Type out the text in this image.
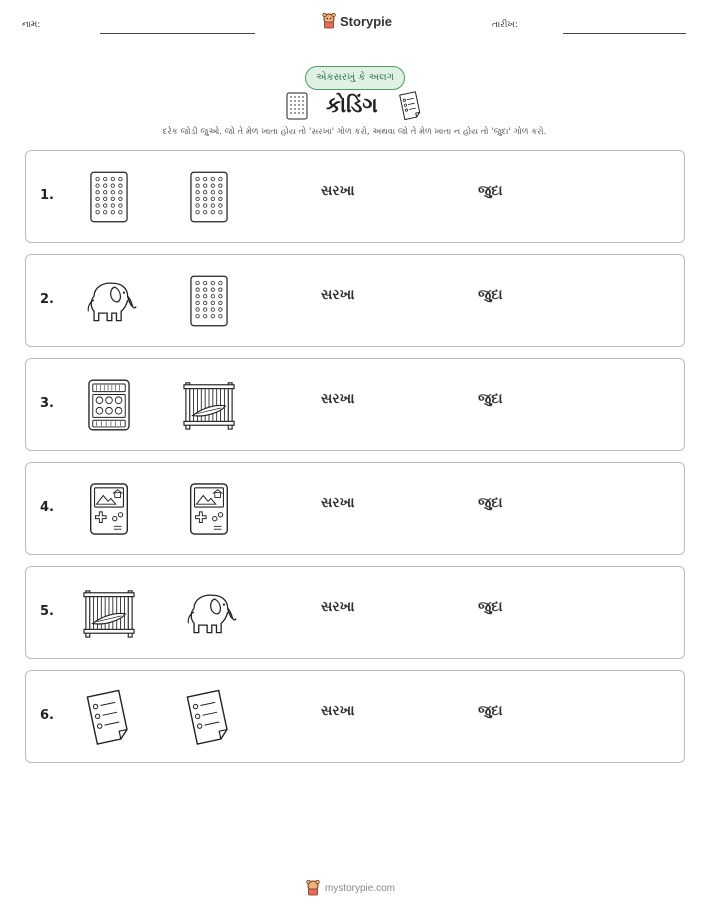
નામ:	Storypie	તારીખ:
એકસરખું કે અલગ
કોડિંગ
દરેક જોડી જુઓ. જો તે મેળ ખાતા હોય તો 'સરખા' ગોળ કરો, અથવા જો તે મેળ ખાતા ન હોય તો 'જુદા' ગોળ કરો.
1.	સરખા	જુદા
2.	સરખા	જુદા
3.	સરખા	જુદા
4.	સરખા	જુદા
5.	સરખા	જુદા
6.	સરખા	જુદા
mystorypie.com
